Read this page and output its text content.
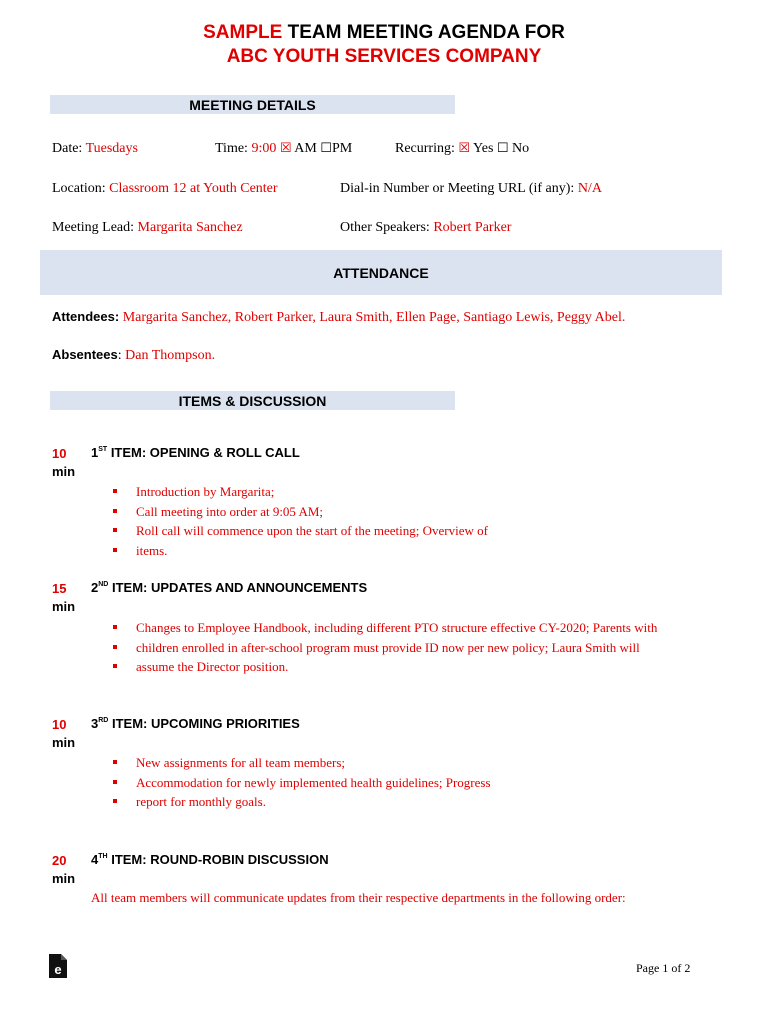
SAMPLE TEAM MEETING AGENDA FOR
ABC YOUTH SERVICES COMPANY
MEETING DETAILS
Date: Tuesdays	Time: 9:00 ☒ AM ☐PM	Recurring: ☒ Yes ☐ No
Location: Classroom 12 at Youth Center	Dial-in Number or Meeting URL (if any): N/A
Meeting Lead: Margarita Sanchez	Other Speakers: Robert Parker
ATTENDANCE
Attendees: Margarita Sanchez, Robert Parker, Laura Smith, Ellen Page, Santiago Lewis, Peggy Abel.
Absentees: Dan Thompson.
ITEMS & DISCUSSION
10
min
1ST ITEM: OPENING & ROLL CALL
Introduction by Margarita;
Call meeting into order at 9:05 AM;
Roll call will commence upon the start of the meeting; Overview of
items.
15
min
2ND ITEM: UPDATES AND ANNOUNCEMENTS
Changes to Employee Handbook, including different PTO structure effective CY-2020; Parents with
children enrolled in after-school program must provide ID now per new policy; Laura Smith will
assume the Director position.
10
min
3RD ITEM: UPCOMING PRIORITIES
New assignments for all team members;
Accommodation for newly implemented health guidelines; Progress
report for monthly goals.
20
min
4TH ITEM: ROUND-ROBIN DISCUSSION
All team members will communicate updates from their respective departments in the following order:
e	Page 1 of 2
